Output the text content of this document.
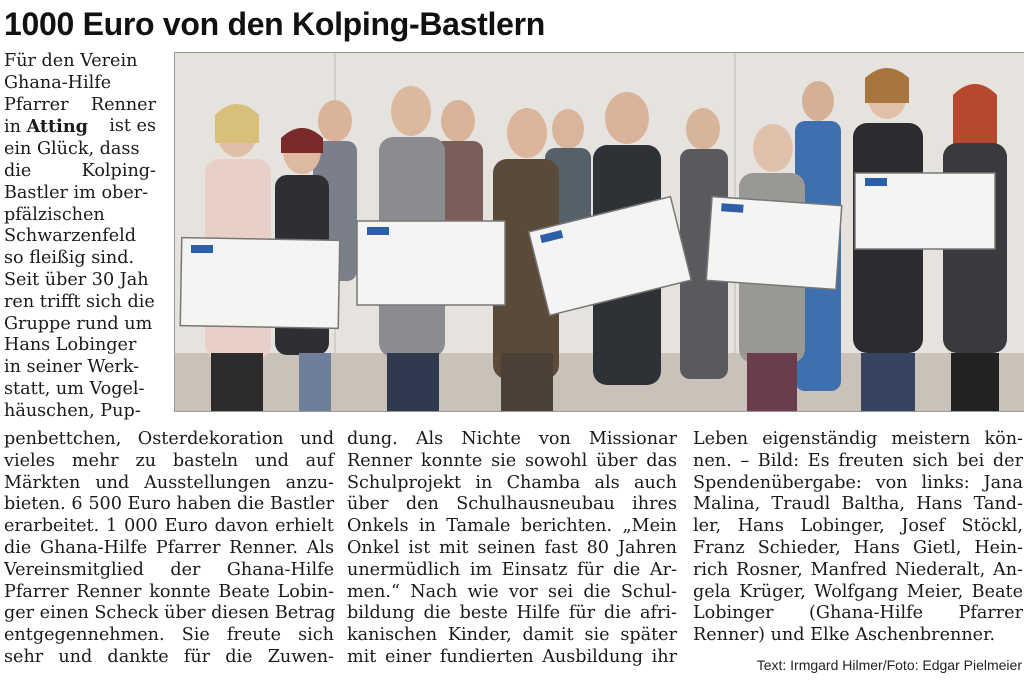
1000 Euro von den Kolping-Bastlern
Für den Verein
Ghana-Hilfe
Pfarrer Renner
in Atting ist es
ein Glück, dass
die	Kolping-
Bastler im ober-
pfälzischen
Schwarzenfeld
so fleißig sind.
Seit über 30 Jah
ren trifft sich die
Gruppe rund um
Hans Lobinger
in seiner Werk-
statt, um Vogel-
häuschen, Pup-
penbettchen, Osterdekoration und
vieles mehr zu basteln und auf
Märkten und Ausstellungen anzu-
bieten. 6 500 Euro haben die Bastler
erarbeitet. 1 000 Euro davon erhielt
die Ghana-Hilfe Pfarrer Renner. Als
Vereinsmitglied der Ghana-Hilfe
Pfarrer Renner konnte Beate Lobin-
ger einen Scheck über diesen Betrag
entgegennehmen. Sie freute sich
sehr und dankte für die Zuwen-
dung. Als Nichte von Missionar
Renner konnte sie sowohl über das
Schulprojekt in Chamba als auch
über den Schulhausneubau ihres
Onkels in Tamale berichten. „Mein
Onkel ist mit seinen fast 80 Jahren
unermüdlich im Einsatz für die Ar-
men.“ Nach wie vor sei die Schul-
bildung die beste Hilfe für die afri-
kanischen Kinder, damit sie später
mit einer fundierten Ausbildung ihr
Leben eigenständig meistern kön-
nen. – Bild: Es freuten sich bei der
Spendenübergabe: von links: Jana
Malina, Traudl Baltha, Hans Tand-
ler, Hans Lobinger, Josef Stöckl,
Franz Schieder, Hans Gietl, Hein-
rich Rosner, Manfred Niederalt, An-
gela Krüger, Wolfgang Meier, Beate
Lobinger (Ghana-Hilfe Pfarrer
Renner) und Elke Aschenbrenner.
Text: Irmgard Hilmer/Foto: Edgar Pielmeier
